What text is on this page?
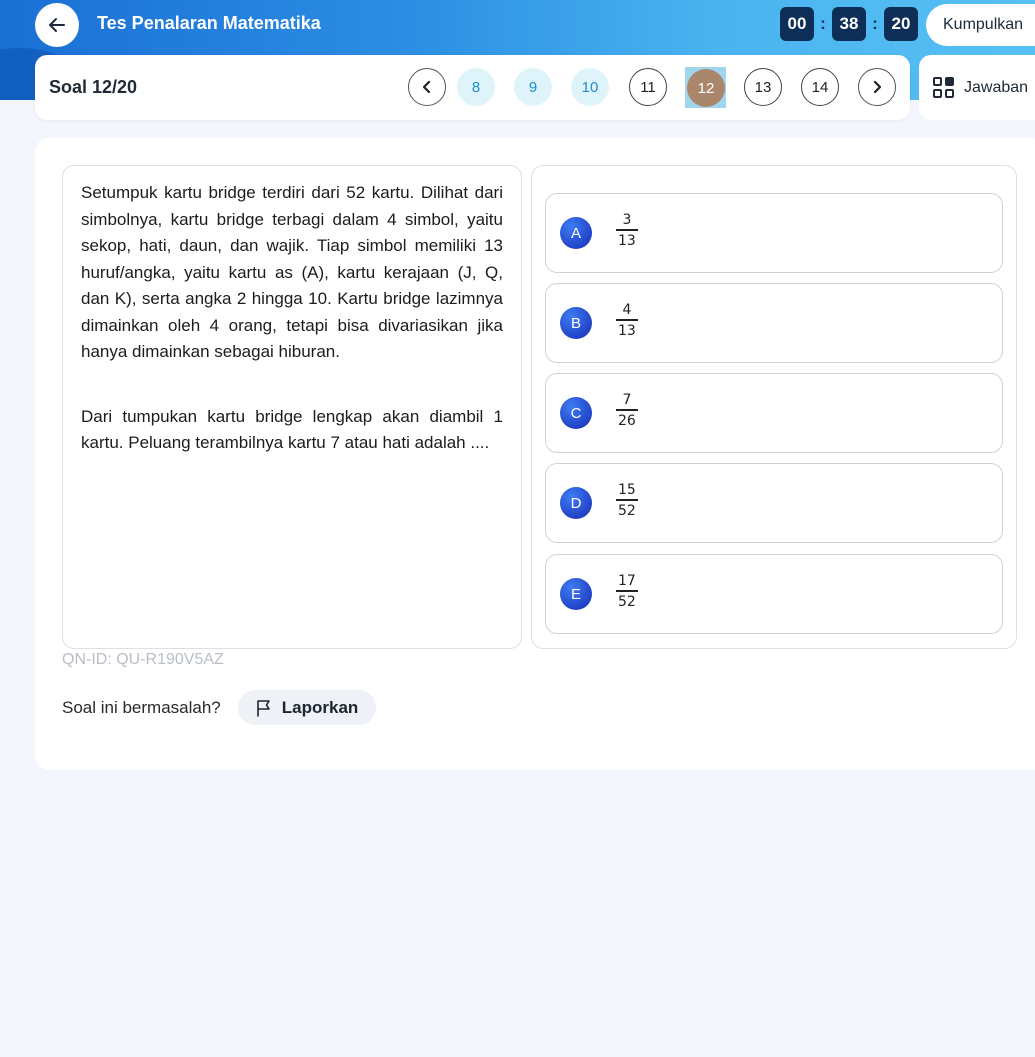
Tes Penalaran Matematika	00 : 38 : 20	Kumpulkan
Soal 12/20	8	9	10	11	12	13	14	Jawaban

Setumpuk kartu bridge terdiri dari 52 kartu. Dilihat dari simbolnya, kartu bridge terbagi dalam 4 simbol, yaitu sekop, hati, daun, dan wajik. Tiap simbol memiliki 13 huruf/angka, yaitu kartu as (A), kartu kerajaan (J, Q, dan K), serta angka 2 hingga 10. Kartu bridge lazimnya dimainkan oleh 4 orang, tetapi bisa divariasikan jika hanya dimainkan sebagai hiburan.

Dari tumpukan kartu bridge lengkap akan diambil 1 kartu. Peluang terambilnya kartu 7 atau hati adalah ....

A
3
13
B
4
13
C
7
26
D
15
52
E
17
52
QN-ID: QU-R190V5AZ
Soal ini bermasalah?	Laporkan
